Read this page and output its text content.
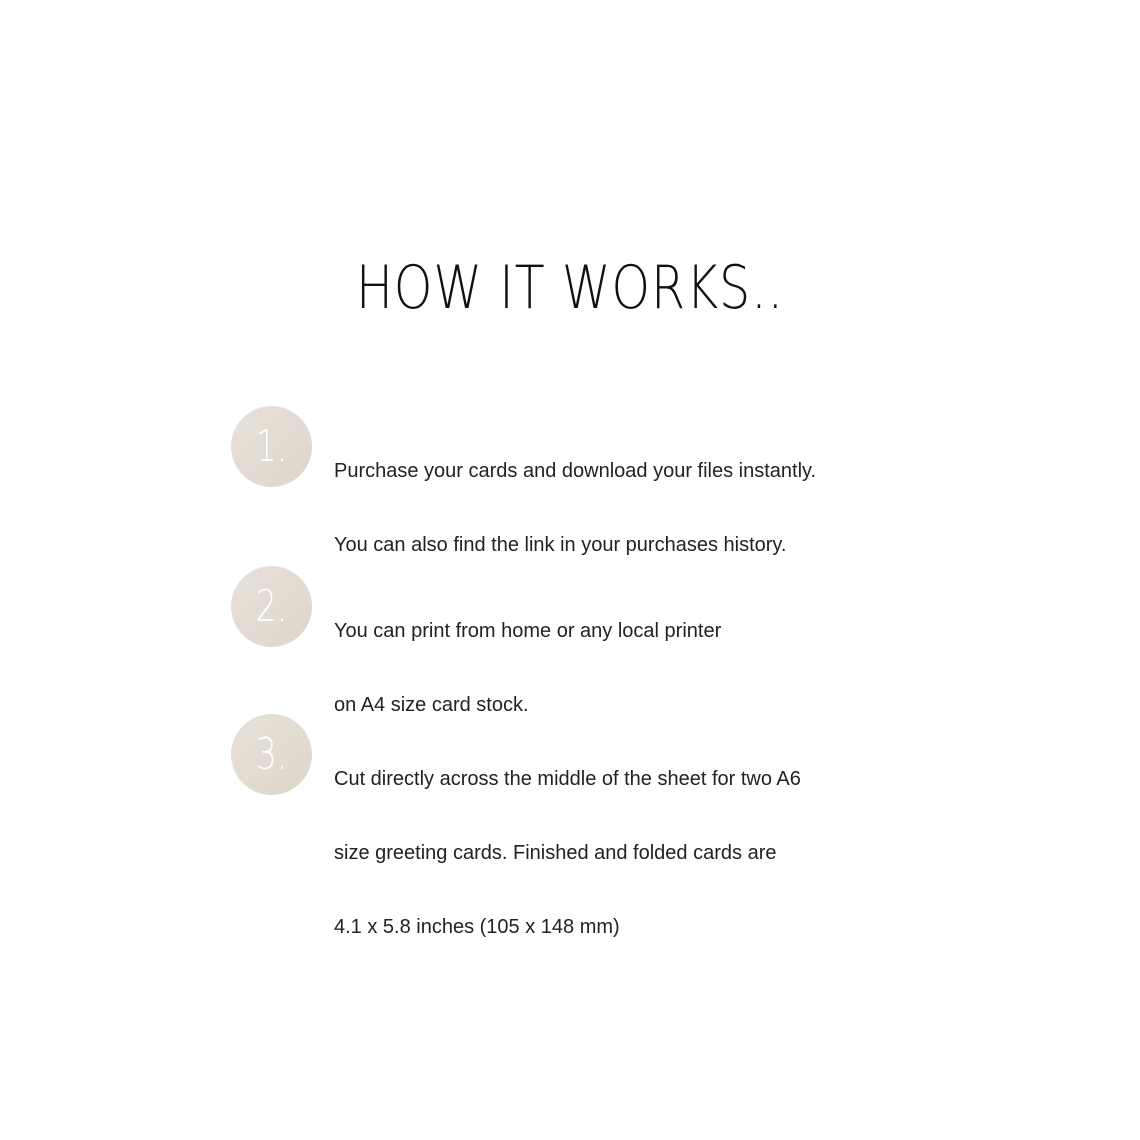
HOW IT WORKS..
1.	Purchase your cards and download your files instantly.

You can also find the link in your purchases history.

2.	You can print from home or any local printer

on A4 size card stock.

3.	Cut directly across the middle of the sheet for two A6

size greeting cards. Finished and folded cards are

4.1 x 5.8 inches (105 x 148 mm)
